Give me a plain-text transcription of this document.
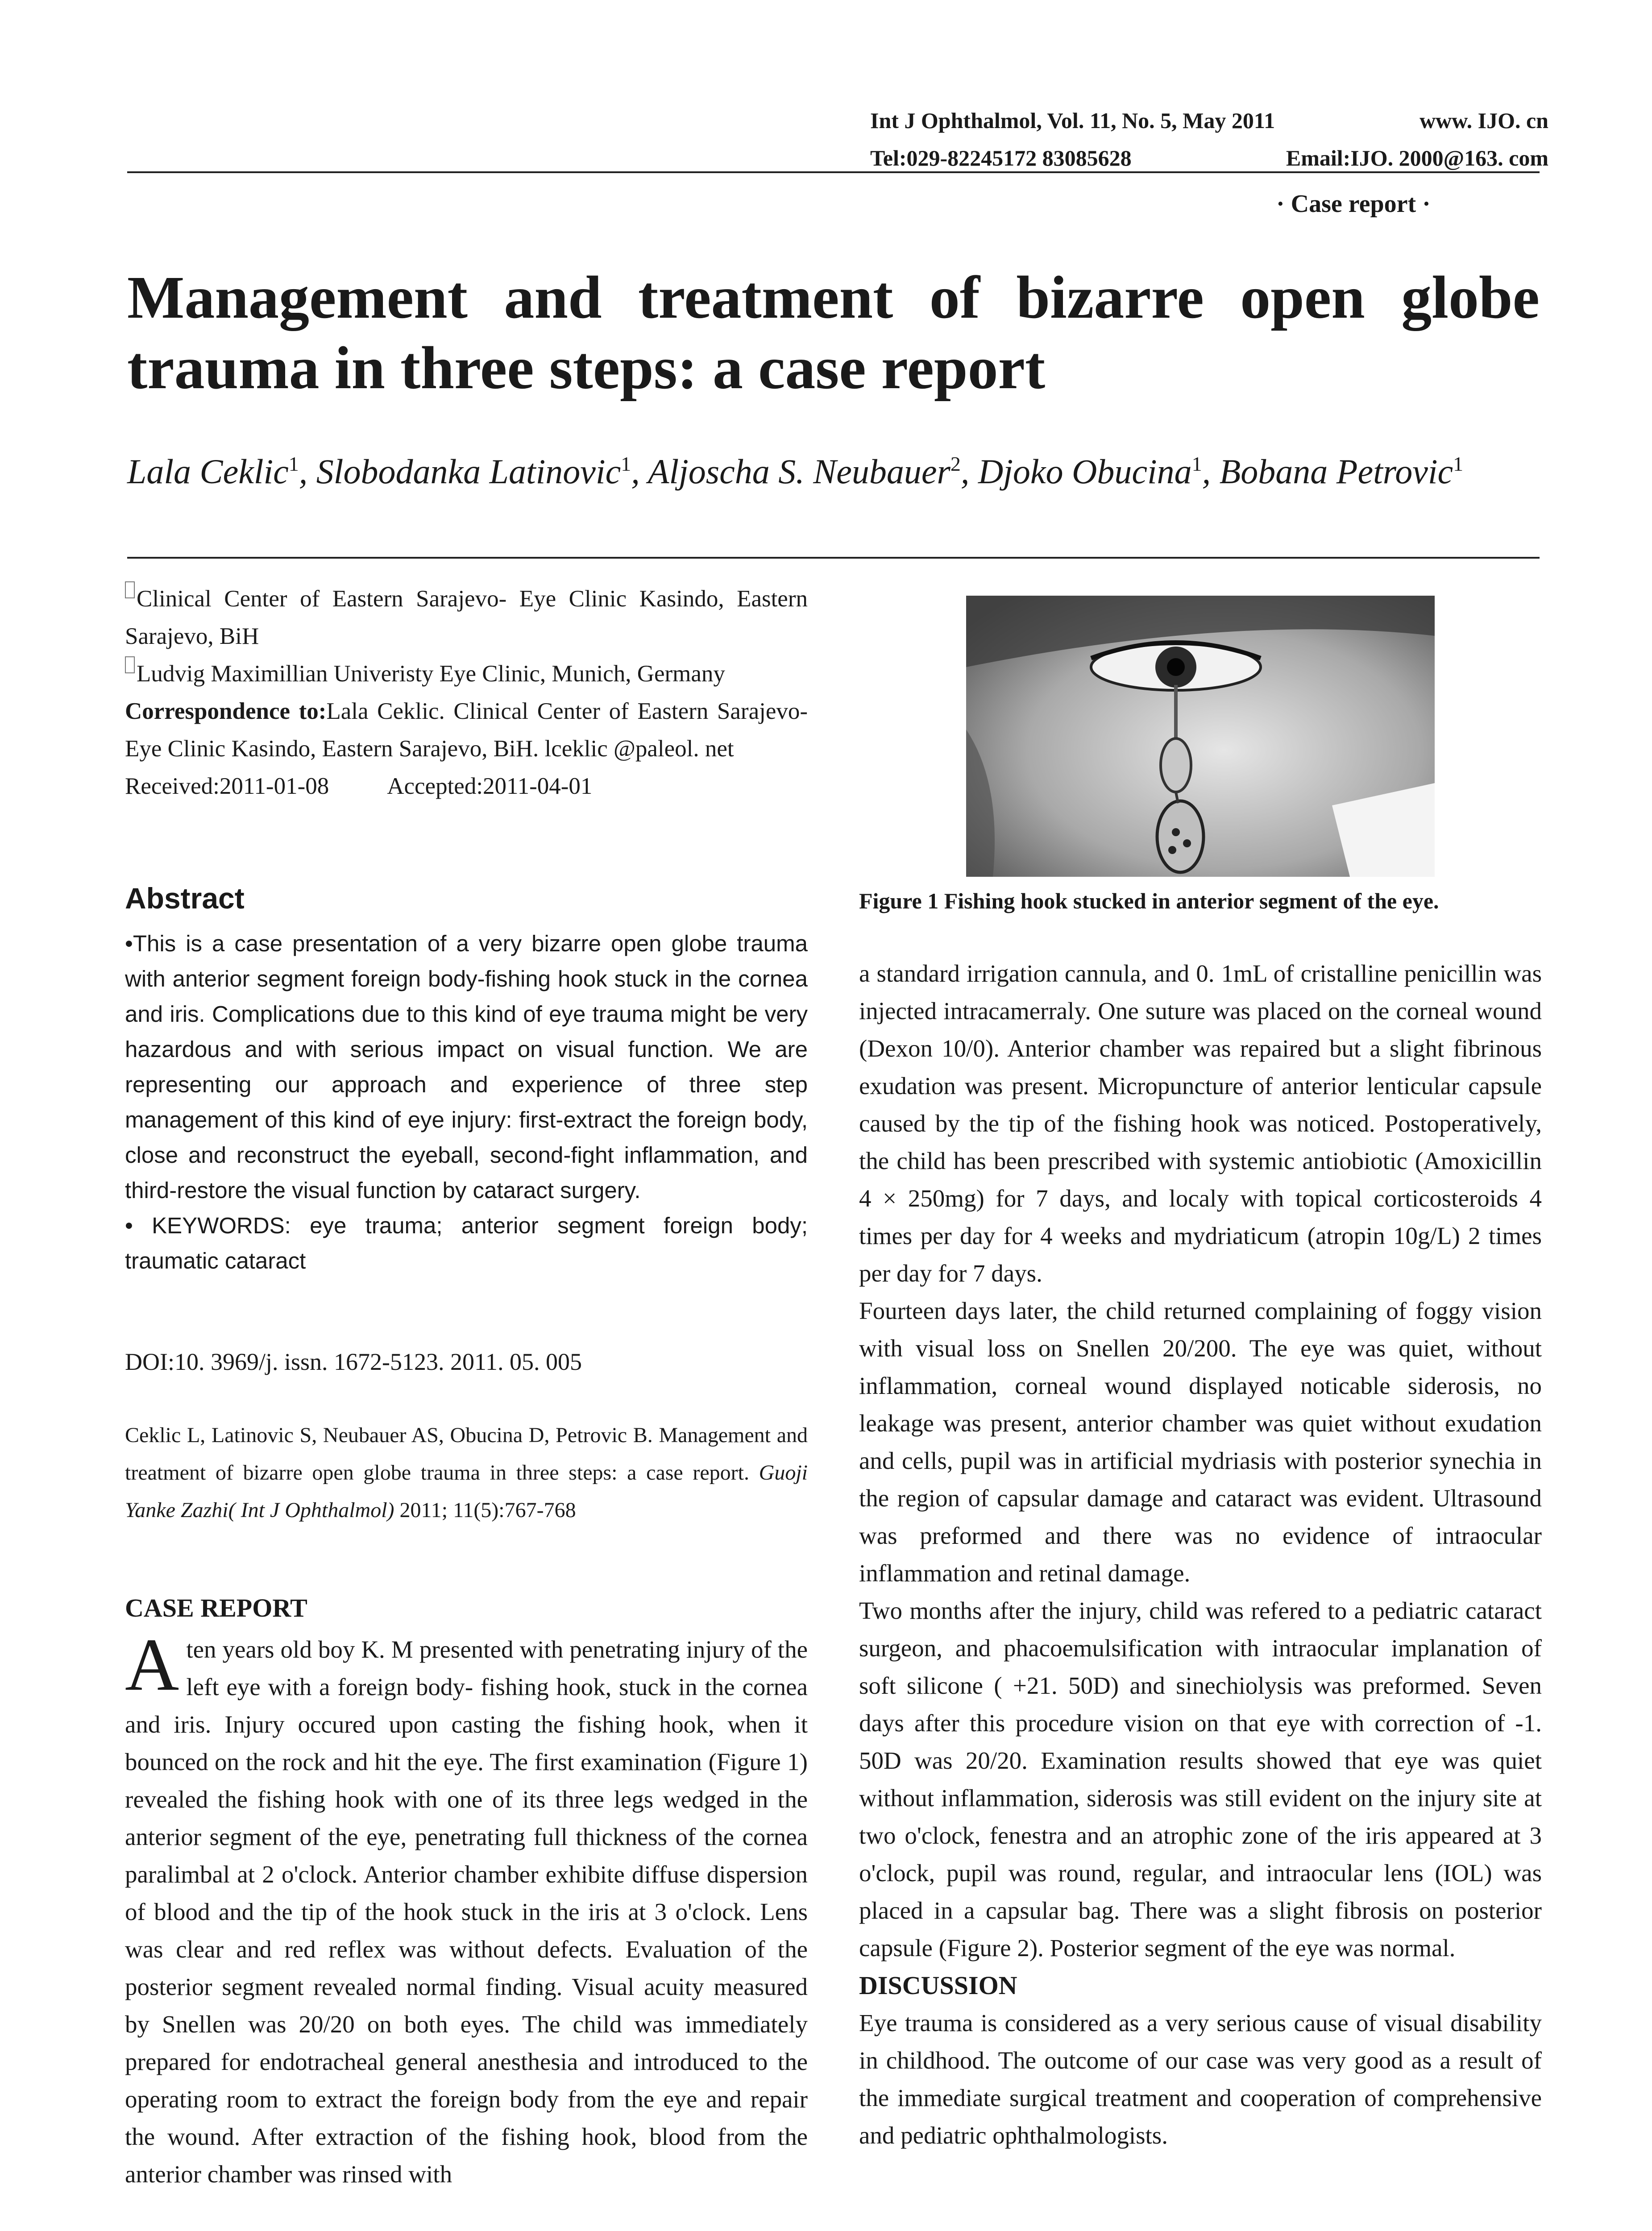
Int J Ophthalmol, Vol. 11, No. 5, May 2011	www. IJO. cn
Tel:029-82245172 83085628	Email:IJO. 2000@163. com
· Case report ·
Management and treatment of bizarre open globe
trauma in three steps: a case report
Lala Ceklic$^1$, Slobodanka Latinovic$^1$, Aljoscha S. Neubauer$^2$, Djoko Obucina$^1$, Bobana Petrovic$^1$
Clinical Center of Eastern Sarajevo- Eye Clinic Kasindo, Eastern Sarajevo, BiH
Ludvig Maximillian Univeristy Eye Clinic, Munich, Germany
Correspondence to:Lala Ceklic. Clinical Center of Eastern Sarajevo-Eye Clinic Kasindo, Eastern Sarajevo, BiH. lceklic @paleol. net
Received:2011-01-08 Accepted:2011-04-01
Abstract

•This is a case presentation of a very bizarre open globe trauma with anterior segment foreign body-fishing hook stuck in the cornea and iris. Complications due to this kind of eye trauma might be very hazardous and with serious impact on visual function. We are representing our approach and experience of three step management of this kind of eye injury: first-extract the foreign body, close and reconstruct the eyeball, second-fight inflammation, and third-restore the visual function by cataract surgery.

• KEYWORDS: eye trauma; anterior segment foreign body; traumatic cataract

DOI:10. 3969/j. issn. 1672-5123. 2011. 05. 005
Ceklic L, Latinovic S, Neubauer AS, Obucina D, Petrovic B. Management and treatment of bizarre open globe trauma in three steps: a case report. Guoji Yanke Zazhi( Int J Ophthalmol) 2011; 11(5):767-768
CASE REPORT
A ten years old boy K. M presented with penetrating injury of the left eye with a foreign body- fishing hook, stuck in the cornea and iris. Injury occured upon casting the fishing hook, when it bounced on the rock and hit the eye. The first examination (Figure 1) revealed the fishing hook with one of its three legs wedged in the anterior segment of the eye, penetrating full thickness of the cornea paralimbal at 2 o'clock. Anterior chamber exhibite diffuse dispersion of blood and the tip of the hook stuck in the iris at 3 o'clock. Lens was clear and red reflex was without defects. Evaluation of the posterior segment revealed normal finding. Visual acuity measured by Snellen was 20/20 on both eyes. The child was immediately prepared for endotracheal general anesthesia and introduced to the operating room to extract the foreign body from the eye and repair the wound. After extraction of the fishing hook, blood from the anterior chamber was rinsed with
Figure 1 Fishing hook stucked in anterior segment of the eye.

a standard irrigation cannula, and 0. 1mL of cristalline penicillin was injected intracamerraly. One suture was placed on the corneal wound (Dexon 10/0). Anterior chamber was repaired but a slight fibrinous exudation was present. Micropuncture of anterior lenticular capsule caused by the tip of the fishing hook was noticed. Postoperatively, the child has been prescribed with systemic antiobiotic (Amoxicillin 4 × 250mg) for 7 days, and localy with topical corticosteroids 4 times per day for 4 weeks and mydriaticum (atropin 10g/L) 2 times per day for 7 days.

Fourteen days later, the child returned complaining of foggy vision with visual loss on Snellen 20/200. The eye was quiet, without inflammation, corneal wound displayed noticable siderosis, no leakage was present, anterior chamber was quiet without exudation and cells, pupil was in artificial mydriasis with posterior synechia in the region of capsular damage and cataract was evident. Ultrasound was preformed and there was no evidence of intraocular inflammation and retinal damage.

Two months after the injury, child was refered to a pediatric cataract surgeon, and phacoemulsification with intraocular implanation of soft silicone ( +21. 50D) and sinechiolysis was preformed. Seven days after this procedure vision on that eye with correction of -1. 50D was 20/20. Examination results showed that eye was quiet without inflammation, siderosis was still evident on the injury site at two o'clock, fenestra and an atrophic zone of the iris appeared at 3 o'clock, pupil was round, regular, and intraocular lens (IOL) was placed in a capsular bag. There was a slight fibrosis on posterior capsule (Figure 2). Posterior segment of the eye was normal.

DISCUSSION

Eye trauma is considered as a very serious cause of visual disability in childhood. The outcome of our case was very good as a result of the immediate surgical treatment and cooperation of comprehensive and pediatric ophthalmologists.
